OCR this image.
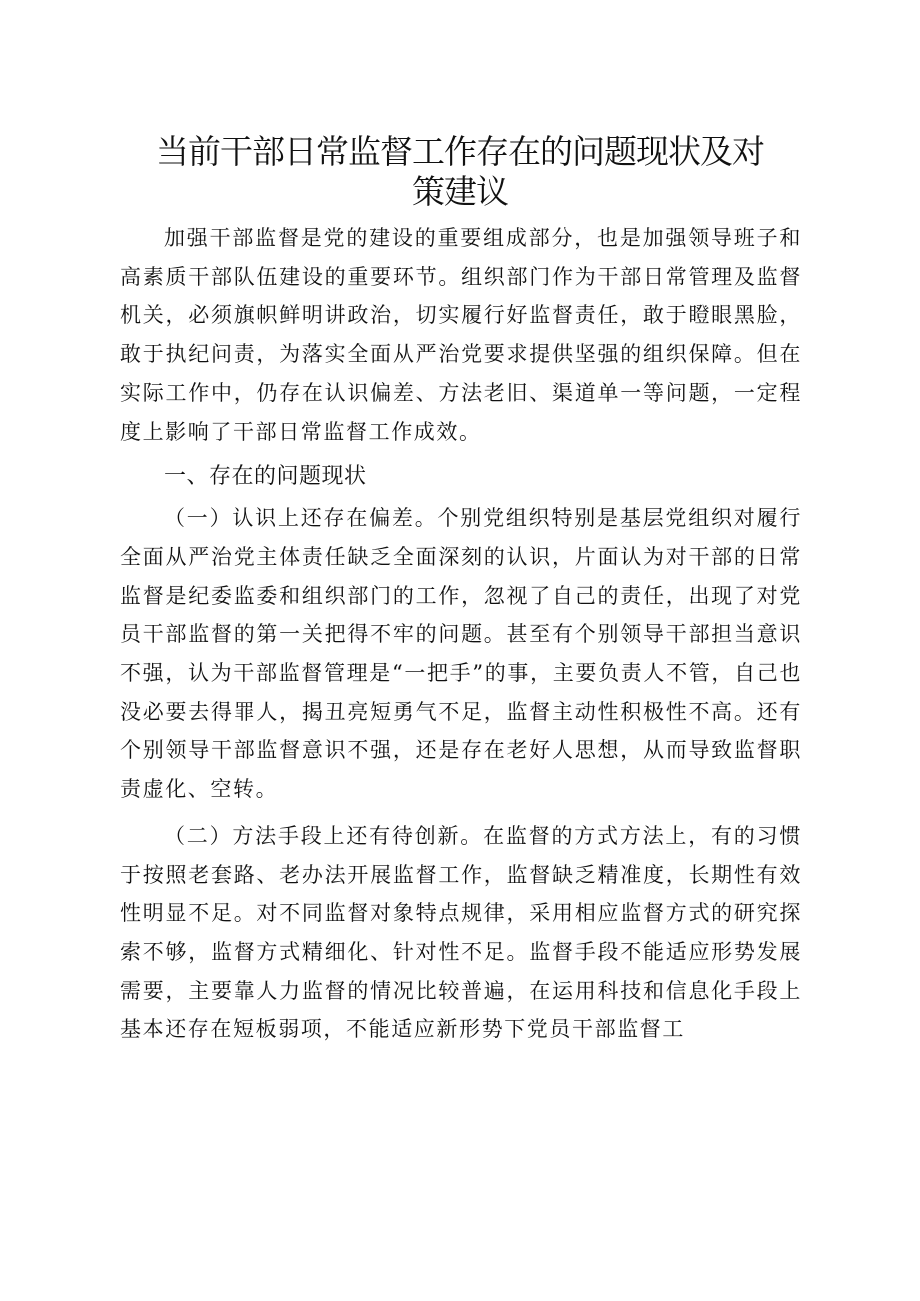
当前干部日常监督工作存在的问题现状及对
策建议

加强干部监督是党的建设的重要组成部分，也是加强领导班子和高素质干部队伍建设的重要环节。组织部门作为干部日常管理及监督机关，必须旗帜鲜明讲政治，切实履行好监督责任，敢于瞪眼黑脸，敢于执纪问责，为落实全面从严治党要求提供坚强的组织保障。但在实际工作中，仍存在认识偏差、方法老旧、渠道单一等问题，一定程度上影响了干部日常监督工作成效。

一、存在的问题现状

（一）认识上还存在偏差。个别党组织特别是基层党组织对履行全面从严治党主体责任缺乏全面深刻的认识，片面认为对干部的日常监督是纪委监委和组织部门的工作，忽视了自己的责任，出现了对党员干部监督的第一关把得不牢的问题。甚至有个别领导干部担当意识不强，认为干部监督管理是“一把手”的事，主要负责人不管，自己也没必要去得罪人，揭丑亮短勇气不足，监督主动性积极性不高。还有个别领导干部监督意识不强，还是存在老好人思想，从而导致监督职责虚化、空转。

（二）方法手段上还有待创新。在监督的方式方法上，有的习惯于按照老套路、老办法开展监督工作，监督缺乏精准度，长期性有效性明显不足。对不同监督对象特点规律，采用相应监督方式的研究探索不够，监督方式精细化、针对性不足。监督手段不能适应形势发展需要，主要靠人力监督的情况比较普遍，在运用科技和信息化手段上基本还存在短板弱项，不能适应新形势下党员干部监督工
